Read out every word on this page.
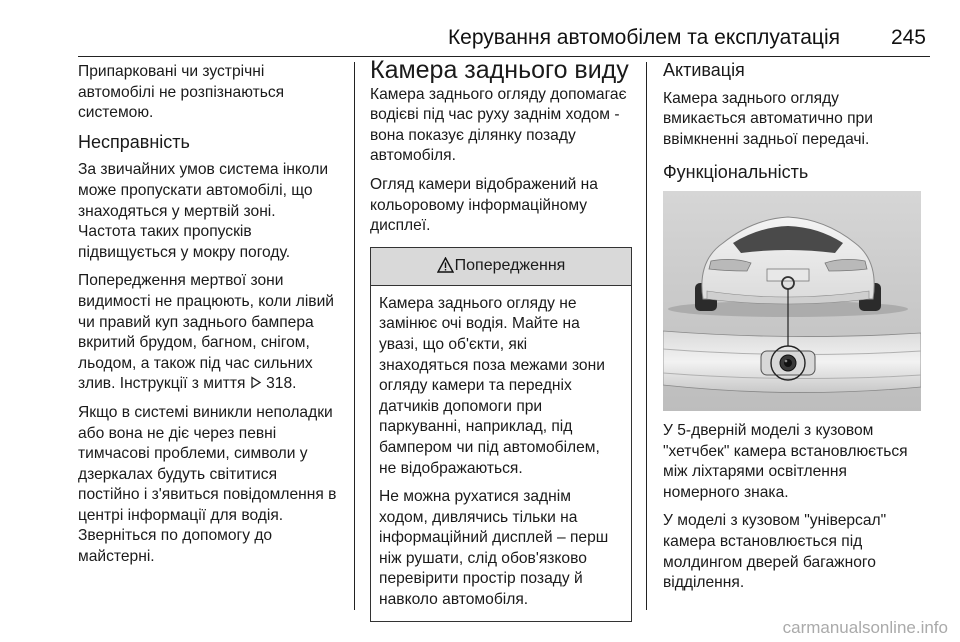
Керування автомобілем та експлуатація 245

Припарковані чи зустрічні
автомобілі не розпізнаються
системою.

Несправність

За звичайних умов система інколи
може пропускати автомобілі, що
знаходяться у мертвій зоні.
Частота таких пропусків
підвищується у мокру погоду.

Попередження мертвої зони
видимості не працюють, коли лівий
чи правий куп заднього бампера
вкритий брудом, багном, снігом,
льодом, а також під час сильних
злив. Інструкції з миття  318.

Якщо в системі виникли неполадки
або вона не діє через певні
тимчасові проблеми, символи у
дзеркалах будуть світитися
постійно і з'явиться повідомлення в
центрі інформації для водія.
Зверніться по допомогу до
майстерні.

Камера заднього виду

Камера заднього огляду допомагає
водієві під час руху заднім ходом -
вона показує ділянку позаду
автомобіля.

Огляд камери відображений на
кольоровому інформаційному
дисплеї.

Попередження

Камера заднього огляду не
замінює очі водія. Майте на
увазі, що об'єкти, які
знаходяться поза межами зони
огляду камери та передніх
датчиків допомоги при
паркуванні, наприклад, під
бампером чи під автомобілем,
не відображаються.

Не можна рухатися заднім
ходом, дивлячись тільки на
інформаційний дисплей – перш
ніж рушати, слід обов'язково
перевірити простір позаду й
навколо автомобіля.

Активація

Камера заднього огляду
вмикається автоматично при
ввімкненні задньої передачі.

Функціональність

У 5-дверній моделі з кузовом
"хетчбек" камера встановлюється
між ліхтарями освітлення
номерного знака.

У моделі з кузовом "універсал"
камера встановлюється під
молдингом дверей багажного
відділення.

carmanualsonline.info
